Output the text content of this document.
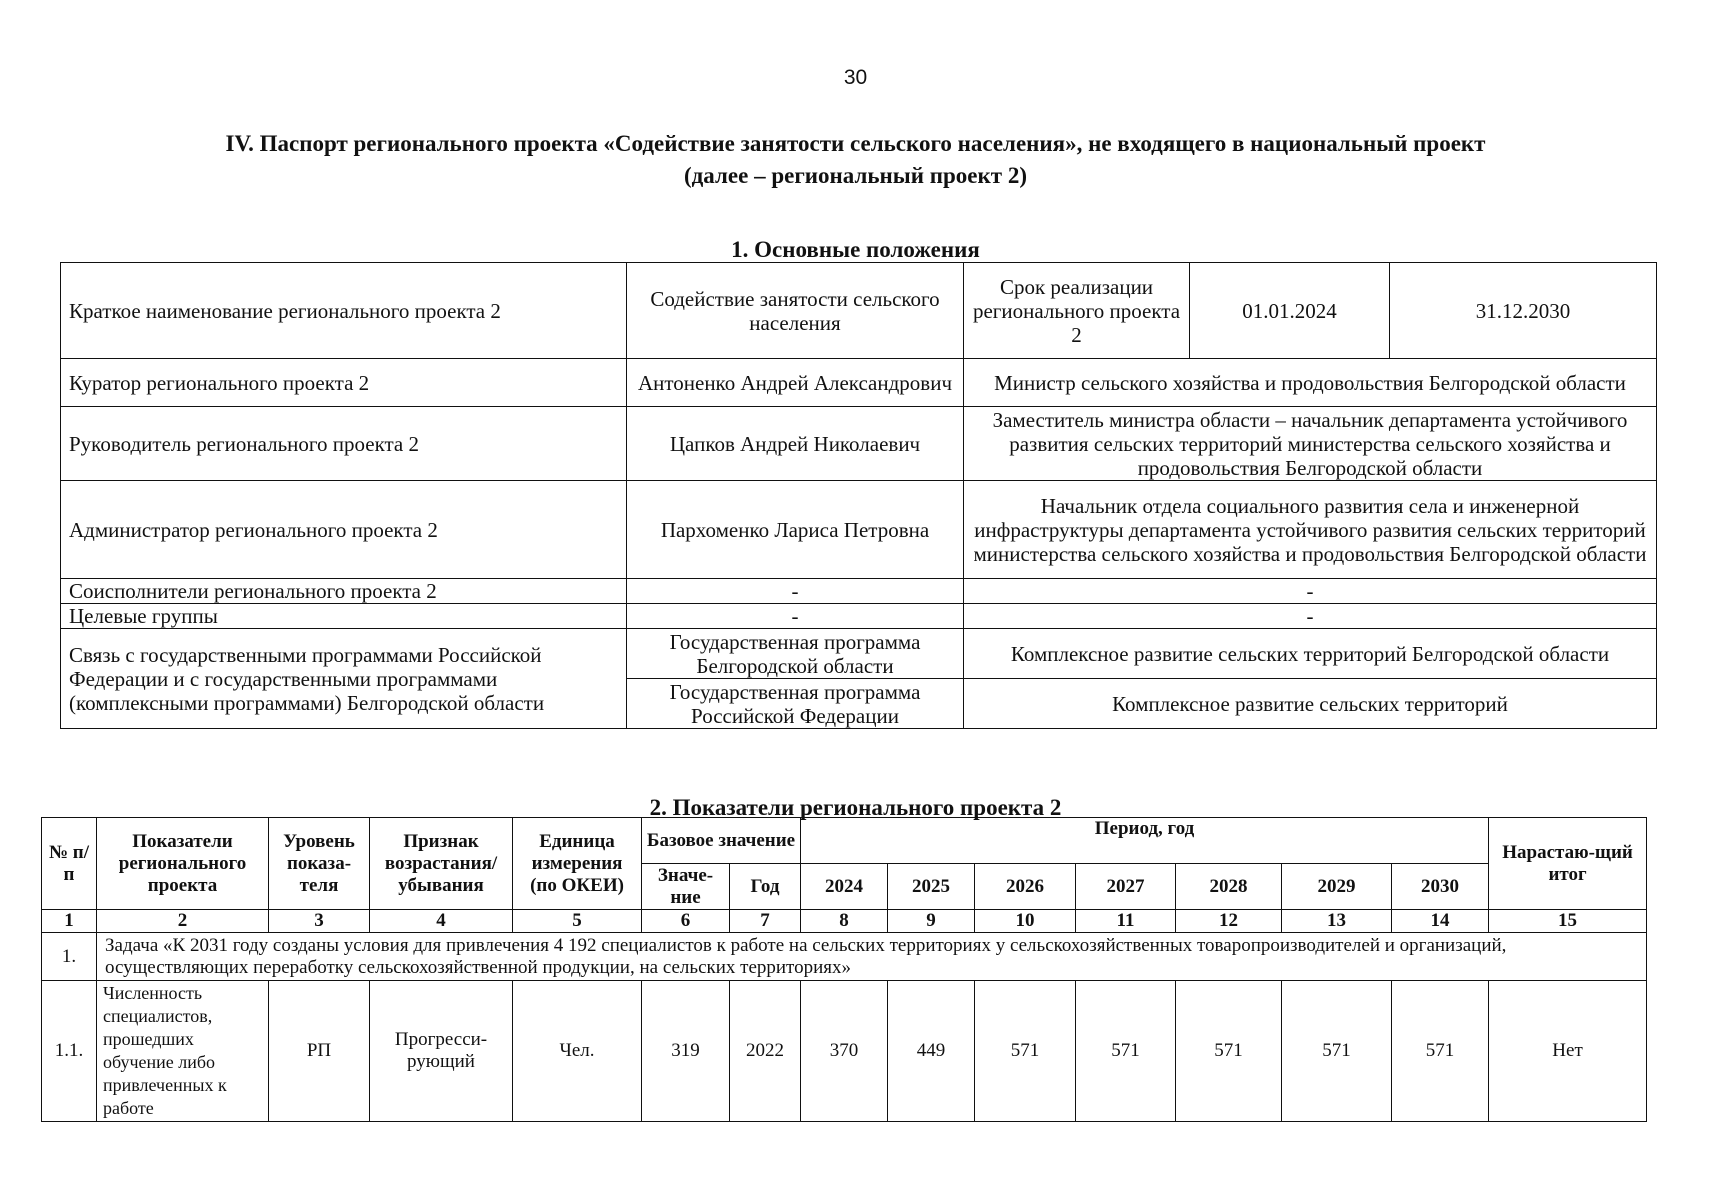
30
IV. Паспорт регионального проекта «Содействие занятости сельского населения», не входящего в национальный проект
(далее – региональный проект 2)
1. Основные положения
Краткое наименование регионального проекта 2	Содействие занятости сельского населения	Срок реализации регионального проекта 2	01.01.2024	31.12.2030
Куратор регионального проекта 2	Антоненко Андрей Александрович	Министр сельского хозяйства и продовольствия Белгородской области		
Руководитель регионального проекта 2	Цапков Андрей Николаевич	Заместитель министра области – начальник департамента устойчивого развития сельских территорий министерства сельского хозяйства и продовольствия Белгородской области		
Администратор регионального проекта 2	Пархоменко Лариса Петровна	Начальник отдела социального развития села и инженерной инфраструктуры департамента устойчивого развития сельских территорий министерства сельского хозяйства и продовольствия Белгородской области		
Соисполнители регионального проекта 2	-	-		
Целевые группы	-	-		
Связь с государственными программами Российской Федерации и с государственными программами (комплексными программами) Белгородской области	Государственная программа Белгородской области	Комплексное развитие сельских территорий Белгородской области		
	Государственная программа Российской Федерации	Комплексное развитие сельских территорий		
2. Показатели регионального проекта 2
№ п/п	Показатели регионального проекта	Уровень показа-теля	Признак возрастания/ убывания	Единица измерения (по ОКЕИ)	Базовое значение		Период, год							Нарастаю-щий итог
					Значе-ние	Год	2024	2025	2026	2027	2028	2029	2030	
1	2	3	4	5	6	7	8	9	10	11	12	13	14	15
1.	Задача «К 2031 году созданы условия для привлечения 4 192 специалистов к работе на сельских территориях у сельскохозяйственных товаропроизводителей и организаций, осуществляющих переработку сельскохозяйственной продукции, на сельских территориях»													
1.1.	Численность специалистов, прошедших обучение либо привлеченных к работе	РП	Прогресси-рующий	Чел.	319	2022	370	449	571	571	571	571	571	Нет
